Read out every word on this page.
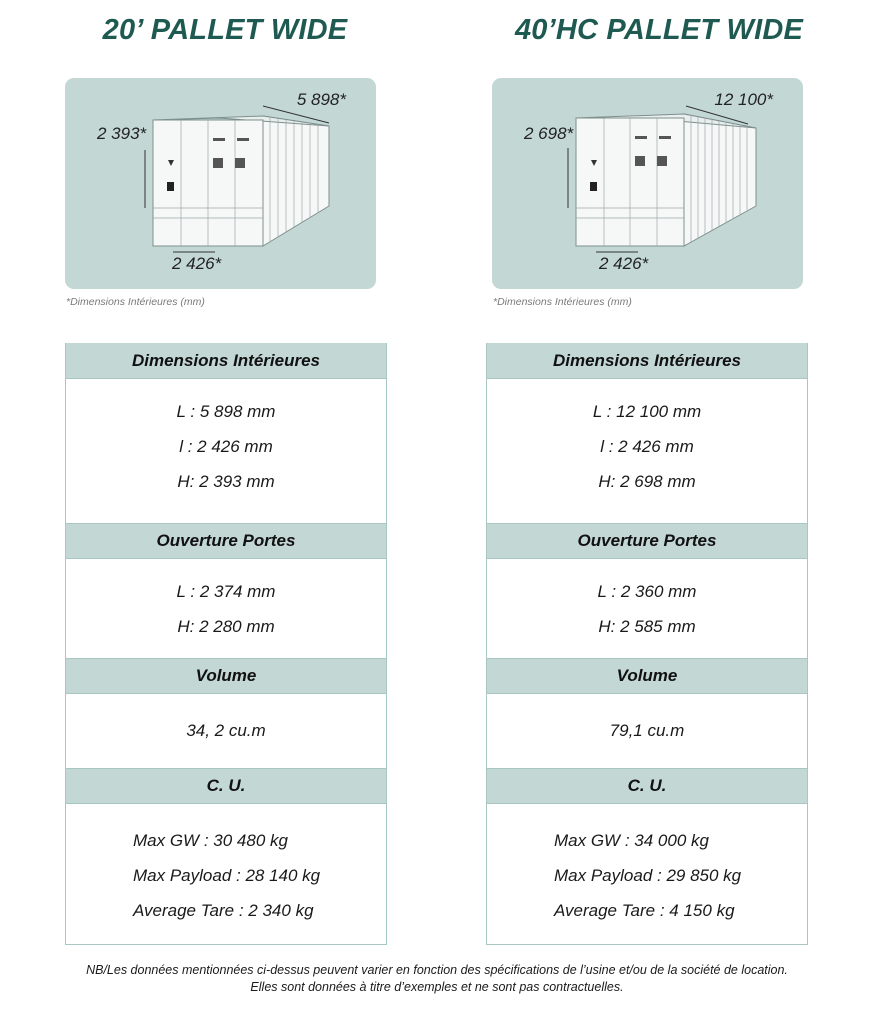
20’ PALLET WIDE
5 898*
2 393*
2 426*
*Dimensions Intérieures (mm)
Dimensions Intérieures
L : 5 898 mm
l : 2 426 mm
H: 2 393 mm
Ouverture Portes
L : 2 374 mm
H: 2 280 mm
Volume
34, 2 cu.m
C. U.
Max GW : 30 480 kg
Max Payload : 28 140 kg
Average Tare : 2 340 kg
40’HC PALLET WIDE
12 100*
2 698*
2 426*
*Dimensions Intérieures (mm)
Dimensions Intérieures
L : 12 100 mm
l : 2 426 mm
H: 2 698 mm
Ouverture Portes
L : 2 360 mm
H: 2 585 mm
Volume
79,1 cu.m
C. U.
Max GW : 34 000 kg
Max Payload : 29 850 kg
Average Tare : 4 150 kg
NB/Les données mentionnées ci-dessus peuvent varier en fonction des spécifications de l’usine et/ou de la société de location.
Elles sont données à titre d’exemples et ne sont pas contractuelles.
